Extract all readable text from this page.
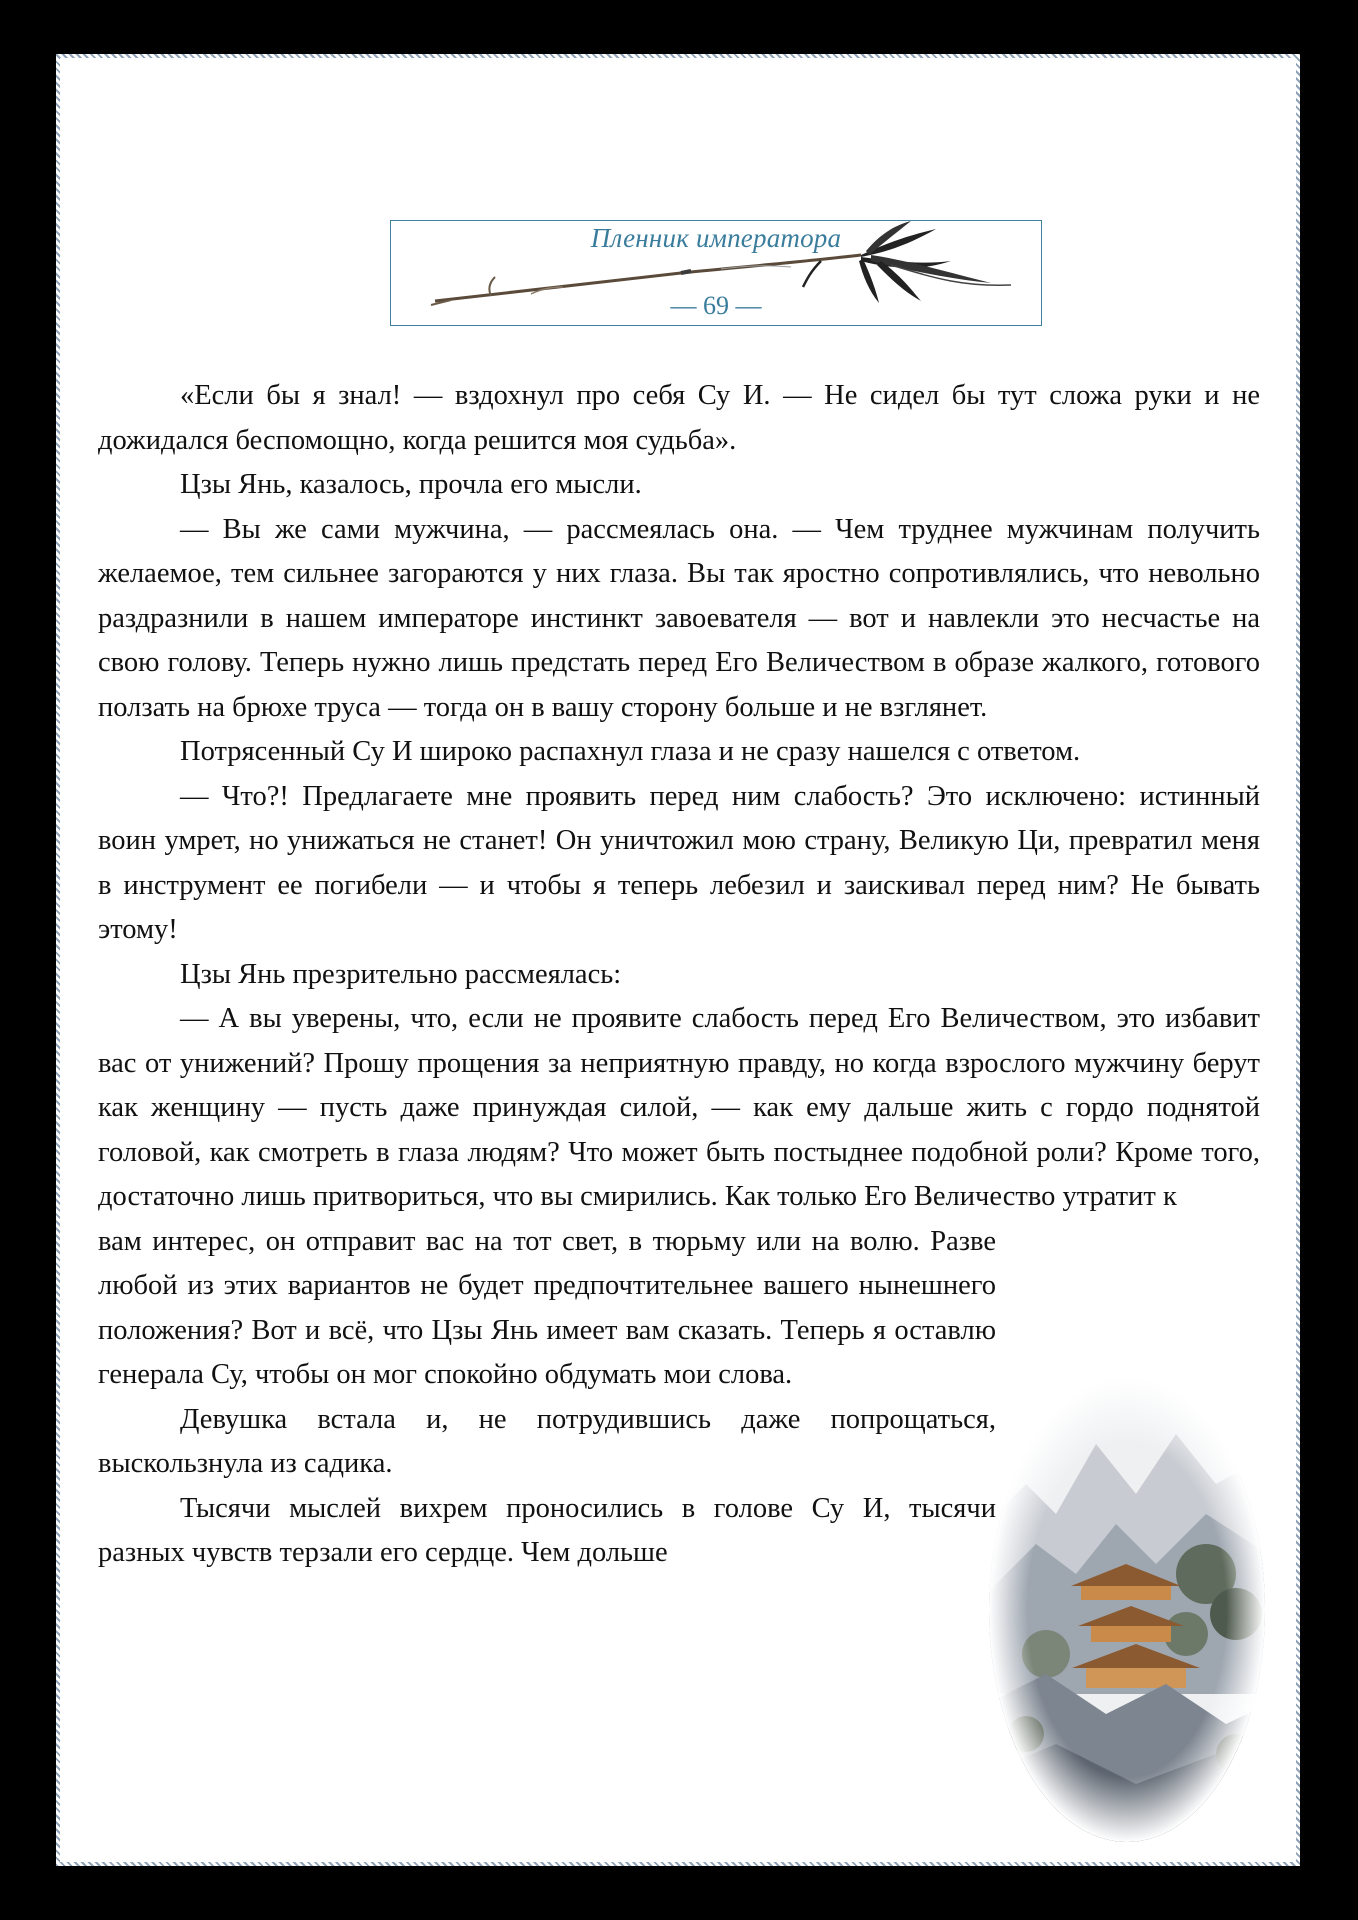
Пленник императора
— 69 —

«Если бы я знал! — вздохнул про себя Су И. — Не сидел бы тут сложа руки и не дожидался беспомощно, когда решится моя судьба».

Цзы Янь, казалось, прочла его мысли.

— Вы же сами мужчина, — рассмеялась она. — Чем труднее мужчинам получить желаемое, тем сильнее загораются у них глаза. Вы так яростно сопротивлялись, что невольно раздразнили в нашем императоре инстинкт завоевателя — вот и навлекли это несчастье на свою голову. Теперь нужно лишь предстать перед Его Величеством в образе жалкого, готового ползать на брюхе труса — тогда он в вашу сторону больше и не взглянет.

Потрясенный Су И широко распахнул глаза и не сразу нашелся с ответом.

— Что?! Предлагаете мне проявить перед ним слабость? Это исключено: истинный воин умрет, но унижаться не станет! Он уничтожил мою страну, Великую Ци, превратил меня в инструмент ее погибели — и чтобы я теперь лебезил и заискивал перед ним? Не бывать этому!

Цзы Янь презрительно рассмеялась:

— А вы уверены, что, если не проявите слабость перед Его Величеством, это избавит вас от унижений? Прошу прощения за неприятную правду, но когда взрослого мужчину берут как женщину — пусть даже принуждая силой, — как ему дальше жить с гордо поднятой головой, как смотреть в глаза людям? Что может быть постыднее подобной роли? Кроме того, достаточно лишь притвориться, что вы смирились. Как только Его Величество утратит к

вам интерес, он отправит вас на тот свет, в тюрьму или на волю. Разве любой из этих вариантов не будет предпочтительнее вашего нынешнего положения? Вот и всё, что Цзы Янь имеет вам сказать. Теперь я оставлю генерала Су, чтобы он мог спокойно обдумать мои слова.

Девушка встала и, не потрудившись даже попрощаться, выскользнула из садика.

Тысячи мыслей вихрем проносились в голове Су И, тысячи разных чувств терзали его сердце. Чем дольше
